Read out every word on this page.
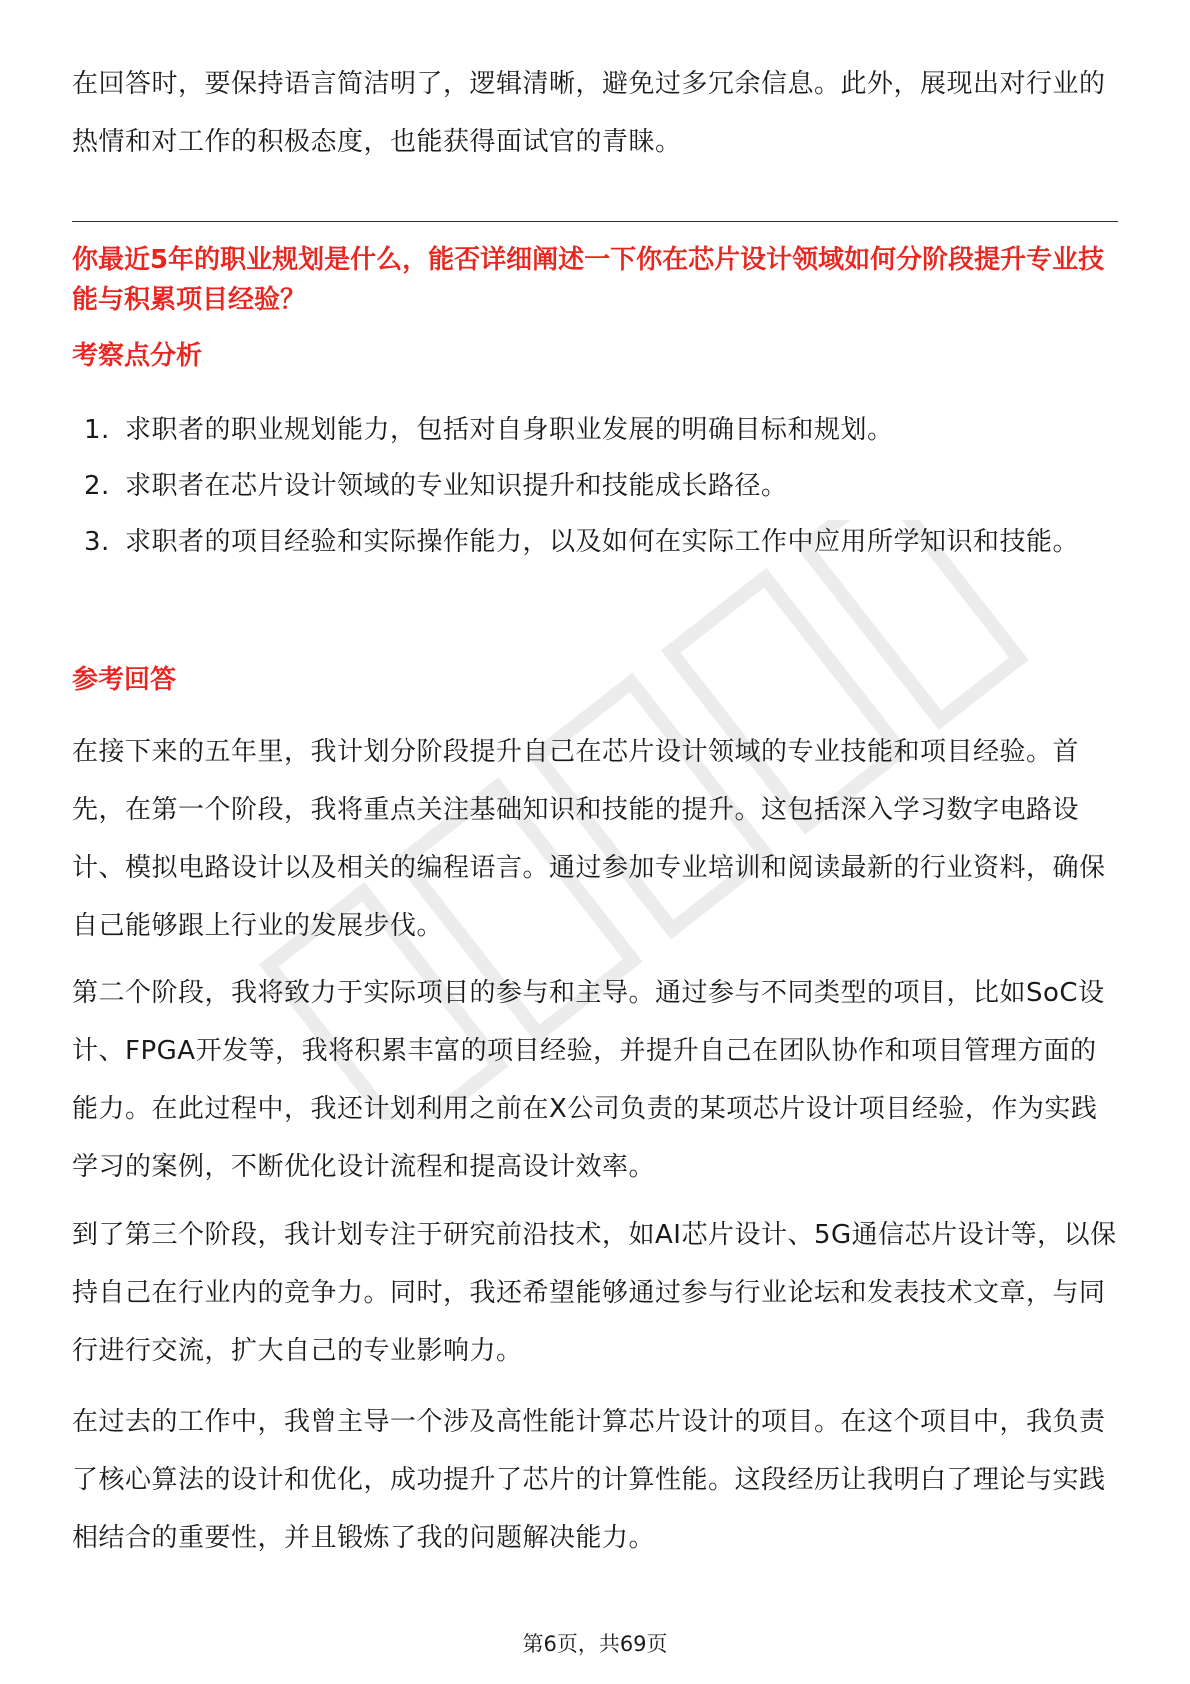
在回答时，要保持语言简洁明了，逻辑清晰，避免过多冗余信息。此外，展现出对行业的热情和对工作的积极态度，也能获得面试官的青睐。

你最近5年的职业规划是什么，能否详细阐述一下你在芯片设计领域如何分阶段提升专业技能与积累项目经验？

考察点分析

1. 求职者的职业规划能力，包括对自身职业发展的明确目标和规划。
2. 求职者在芯片设计领域的专业知识提升和技能成长路径。
3. 求职者的项目经验和实际操作能力，以及如何在实际工作中应用所学知识和技能。

参考回答

在接下来的五年里，我计划分阶段提升自己在芯片设计领域的专业技能和项目经验。首先，在第一个阶段，我将重点关注基础知识和技能的提升。这包括深入学习数字电路设计、模拟电路设计以及相关的编程语言。通过参加专业培训和阅读最新的行业资料，确保自己能够跟上行业的发展步伐。

第二个阶段，我将致力于实际项目的参与和主导。通过参与不同类型的项目，比如SoC设计、FPGA开发等，我将积累丰富的项目经验，并提升自己在团队协作和项目管理方面的能力。在此过程中，我还计划利用之前在X公司负责的某项芯片设计项目经验，作为实践学习的案例，不断优化设计流程和提高设计效率。

到了第三个阶段，我计划专注于研究前沿技术，如AI芯片设计、5G通信芯片设计等，以保持自己在行业内的竞争力。同时，我还希望能够通过参与行业论坛和发表技术文章，与同行进行交流，扩大自己的专业影响力。

在过去的工作中，我曾主导一个涉及高性能计算芯片设计的项目。在这个项目中，我负责了核心算法的设计和优化，成功提升了芯片的计算性能。这段经历让我明白了理论与实践相结合的重要性，并且锻炼了我的问题解决能力。

第6页，共69页
